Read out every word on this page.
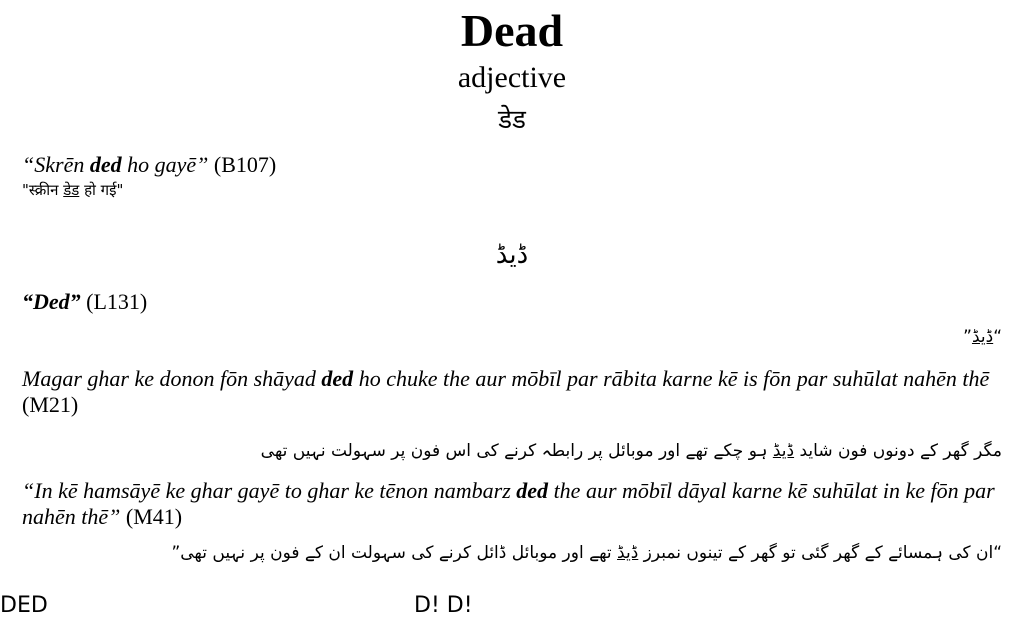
Dead
adjective
डेड
“Skrēn ded ho gayē” (B107)
"स्क्रीन डेड हो गई"
ڈیڈ
“Ded” (L131)
“ڈیڈ”
Magar ghar ke donon fōn shāyad ded ho chuke the aur mōbīl par rābita karne kē is fōn par suhūlat nahēn thē (M21)
مگر گھر کے دونوں فون شاید ڈیڈ ہو چکے تھے اور موبائل پر رابطہ کرنے کی اس فون پر سہولت نہیں تھی
“In kē hamsāyē ke ghar gayē to ghar ke tēnon nambarz ded the aur mōbīl dāyal karne kē suhūlat in ke fōn par nahēn thē” (M41)
“ان کی ہمسائے کے گھر گئی تو گھر کے تینوں نمبرز ڈیڈ تھے اور موبائل ڈائل کرنے کی سہولت ان کے فون پر نہیں تھی”
DED	D! D!
